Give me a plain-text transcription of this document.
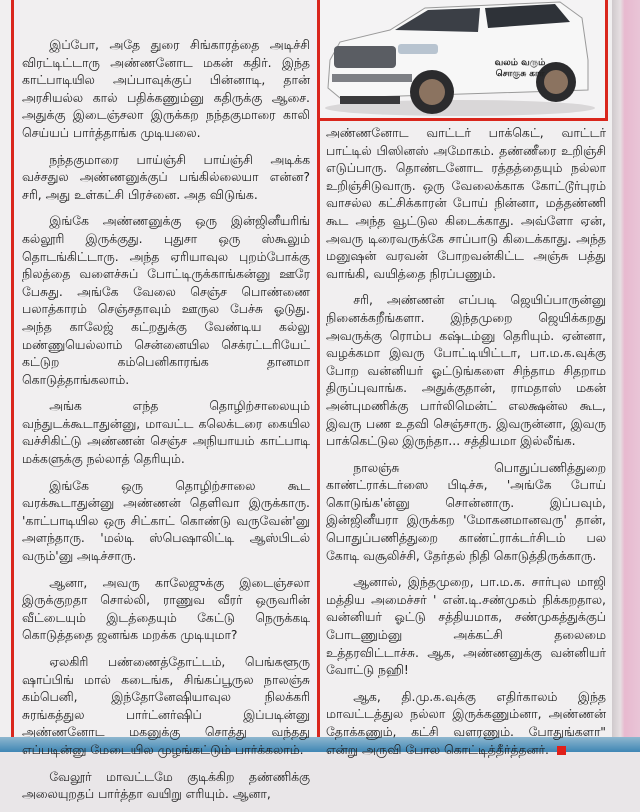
வலம் வரும் சொகுசு கார்

இப்போ, அதே துரை சிங்காரத்தை அடிச்சி விரட்டிட்டாரு அண்ணனோட மகன் கதிர். இந்த காட்பாடியில அப்பாவுக்குப் பின்னாடி, தான் அரசியல்ல கால் பதிக்கணும்னு கதிருக்கு ஆசை. அதுக்கு இடைஞ்சலா இருக்கற நந்தகுமாரை காலி செய்யப் பார்த்தாங்க முடியலை.

நந்தகுமாரை பாய்ஞ்சி பாய்ஞ்சி அடிக்க வச்சதுல அண்ணனுக்குப் பங்கில்லையா என்ன? சரி, அது உள்கட்சி பிரச்னை. அத விடுங்க.

இங்கே அண்ணனுக்கு ஒரு இன்ஜினீயரிங் கல்லூரி இருக்குது. புதுசா ஒரு ஸ்கூலும் தொடங்கிட்டாரு. அந்த ஏரியாவுல புறம்போக்கு நிலத்தை வளைச்சுப் போட்டிருக்காங்கன்னு ஊரே பேசுது. அங்கே வேலை செஞ்ச பொண்ணை பலாத்காரம் செஞ்சதாவும் ஊருல பேச்சு ஓடுது. அந்த காலேஜ் கட்றதுக்கு வேண்டிய கல்லு மண்ணுயெல்லாம் சென்னையில செக்ரட்டரியேட் கட்டுற கம்பெனிகாரங்க தானமா கொடுத்தாங்கலாம்.

அங்க எந்த தொழிற்சாலையும் வந்துடக்கூடாதுன்னு, மாவட்ட கலெக்டரை கையில வச்சிகிட்டு அண்ணன் செஞ்ச அநியாயம் காட்பாடி மக்களுக்கு நல்லாத் தெரியும்.

இங்கே ஒரு தொழிற்சாலை கூட வரக்கூடாதுன்னு அண்ணன் தெளிவா இருக்காரு. 'காட்பாடியில ஒரு சிட்காட் கொண்டு வருவேன்'னு அளந்தாரு. 'மல்டி ஸ்பெஷாலிட்டி ஆஸ்பிடல் வரும்'னு அடிச்சாரு.

ஆனா, அவரு காலேஜுக்கு இடைஞ்சலா இருக்குறதா சொல்லி, ராணுவ வீரர் ஒருவரின் வீட்டையும் இடத்தையும் கேட்டு நெருக்கடி கொடுத்ததை ஜனங்க மறக்க முடியுமா?

ஏலகிரி பண்ணைத்தோட்டம், பெங்களூரு ஷாப்பிங் மால் கடைங்க, சிங்கப்பூருல நாலஞ்சு கம்பெனி, இந்தோனேஷியாவுல நிலக்கரி சுரங்கத்துல பார்ட்னர்ஷிப் இப்படின்னு அண்ணனோட மகனுக்கு சொத்து வந்தது எப்படின்னு மேடையில முழங்கட்டும் பார்க்கலாம்.

வேலூர் மாவட்டமே குடிக்கிற தண்ணிக்கு அலையுறதப் பார்த்தா வயிறு எரியும். ஆனா,

அண்ணனோட வாட்டர் பாக்கெட், வாட்டர் பாட்டில் பிஸினஸ் அமோகம். தண்ணீரை உறிஞ்சி எடுப்பாரு. தொண்டனோட ரத்தத்தையும் நல்லா உறிஞ்சிடுவாரு. ஒரு வேலைக்காக கோட்டூர்புரம் வாசல்ல கட்சிக்காரன் போய் நின்னா, மத்தண்ணி கூட அந்த வூட்டுல கிடைக்காது. அவ்ளோ ஏன், அவரு டிரைவருக்கே சாப்பாடு கிடைக்காது. அந்த மனுஷன் வரவன் போறவன்கிட்ட அஞ்சு பத்து வாங்கி, வயித்தை நிரப்பணும்.

சரி, அண்ணன் எப்படி ஜெயிப்பாருன்னு நினைக்கறீங்களா. இந்தமுறை ஜெயிக்கறது அவருக்கு ரொம்ப கஷ்டம்னு தெரியும். ஏன்னா, வழக்கமா இவரு போட்டியிட்டா, பா.ம.க.வுக்கு போற வன்னியர் ஓட்டுங்களை சிந்தாம சிதறாம திருப்புவாங்க. அதுக்குதான், ராமதாஸ் மகன் அன்புமணிக்கு பார்லிமென்ட் எலக்ஷன்ல கூட, இவரு பண உதவி செஞ்சாரு. இவருன்னா, இவரு பாக்கெட்டுல இருந்தா... சத்தியமா இல்லீங்க.

நாலஞ்சு பொதுப்பணித்துறை காண்ட்ராக்டர்ஸை பிடிச்சு, 'அங்கே போய் கொடுங்க'ன்னு சொன்னாரு. இப்பவும், இன்ஜினீயரா இருக்கற 'மோகனமானவரு' தான், பொதுப்பணித்துறை காண்ட்ராக்டர்சிடம் பல கோடி வசூலிச்சி, தேர்தல் நிதி கொடுத்திருக்காரு.

ஆனால், இந்தமுறை, பா.ம.க. சார்புல மாஜி மத்திய அமைச்சர் ' என்.டி.சண்முகம் நிக்கறதால, வன்னியர் ஓட்டு சத்தியமாக, சண்முகத்துக்குப் போடணும்னு அக்கட்சி தலைமை உத்தரவிட்டாச்சு. ஆக, அண்ணனுக்கு வன்னியர் வோட்டு நஹி!

ஆக, தி.மு.க.வுக்கு எதிர்காலம் இந்த மாவட்டத்துல நல்லா இருக்கணும்னா, அண்ணன் தோக்கணும், கட்சி வளரணும். போதுங்களா" என்று அருவி போல கொட்டித்தீர்த்தனர்.
